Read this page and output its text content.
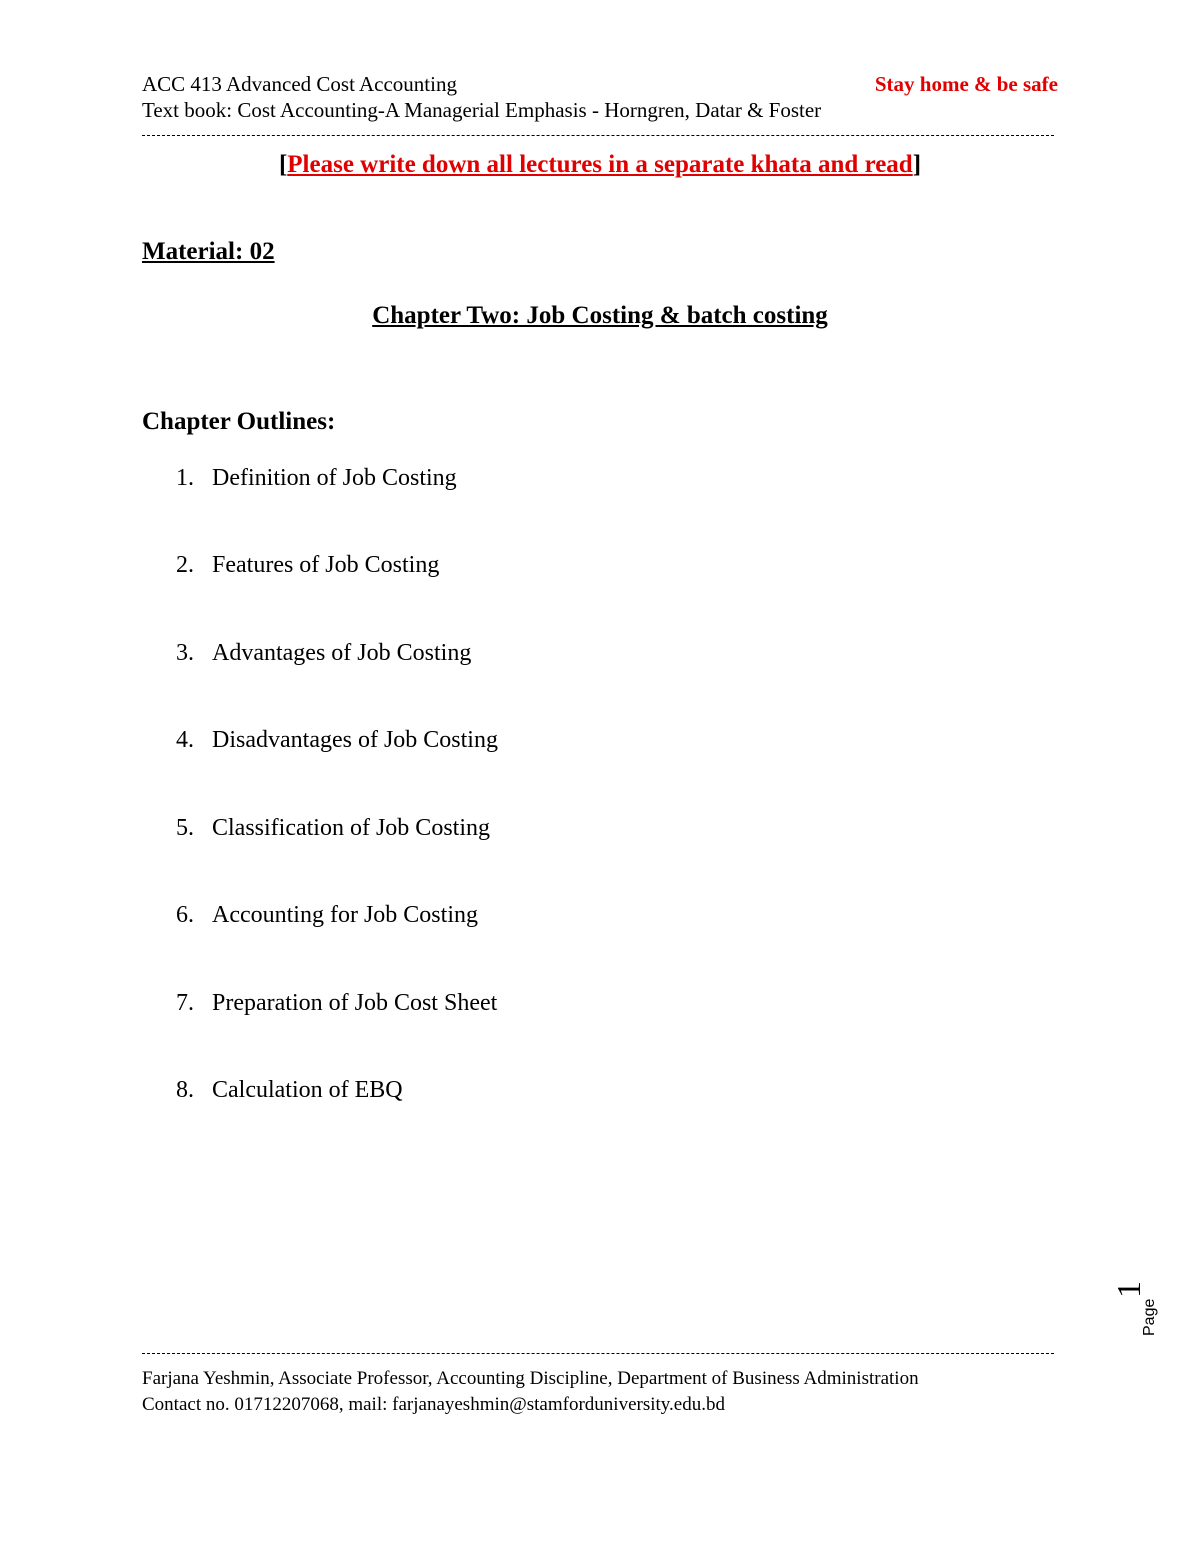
ACC 413 Advanced Cost Accounting	Stay home & be safe
Text book: Cost Accounting-A Managerial Emphasis - Horngren, Datar & Foster
[Please write down all lectures in a separate khata and read]
Material: 02
Chapter Two: Job Costing & batch costing
Chapter Outlines:
1. Definition of Job Costing
2. Features of Job Costing
3. Advantages of Job Costing
4. Disadvantages of Job Costing
5. Classification of Job Costing
6. Accounting for Job Costing
7. Preparation of Job Cost Sheet
8. Calculation of EBQ
Page
1
Farjana Yeshmin, Associate Professor, Accounting Discipline, Department of Business Administration
Contact no. 01712207068, mail: farjanayeshmin@stamforduniversity.edu.bd
